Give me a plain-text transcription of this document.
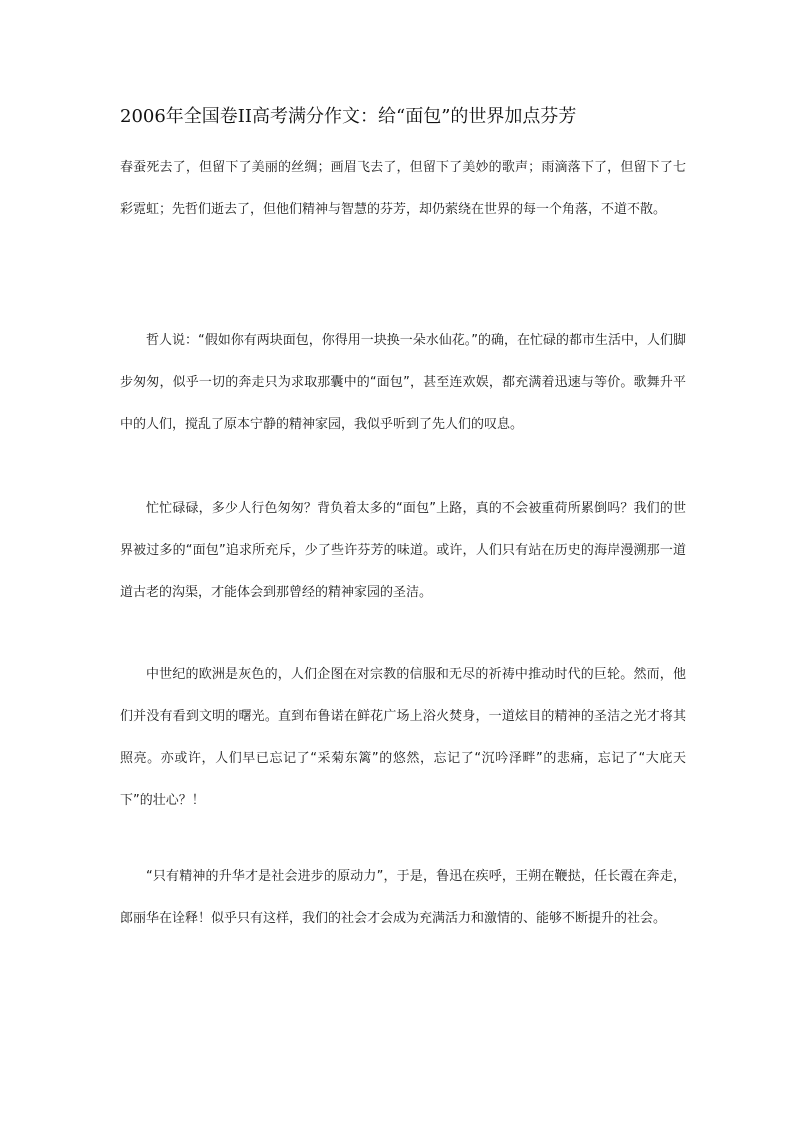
2006年全国卷II高考满分作文：给“面包”的世界加点芬芳

春蚕死去了，但留下了美丽的丝绸；画眉飞去了，但留下了美妙的歌声；雨滴落下了，但留下了七彩霓虹；先哲们逝去了，但他们精神与智慧的芬芳，却仍萦绕在世界的每一个角落，不道不散。

哲人说：“假如你有两块面包，你得用一块换一朵水仙花。”的确，在忙碌的都市生活中，人们脚步匆匆，似乎一切的奔走只为求取那囊中的“面包”，甚至连欢娱，都充满着迅速与等价。歌舞升平中的人们，搅乱了原本宁静的精神家园，我似乎听到了先人们的叹息。

忙忙碌碌，多少人行色匆匆？背负着太多的“面包”上路，真的不会被重荷所累倒吗？我们的世界被过多的“面包”追求所充斥，少了些许芬芳的味道。或许，人们只有站在历史的海岸漫溯那一道道古老的沟渠，才能体会到那曾经的精神家园的圣洁。

中世纪的欧洲是灰色的，人们企图在对宗教的信服和无尽的祈祷中推动时代的巨轮。然而，他们并没有看到文明的曙光。直到布鲁诺在鲜花广场上浴火焚身，一道炫目的精神的圣洁之光才将其照亮。亦或许，人们早已忘记了“采菊东篱”的悠然，忘记了“沉吟泽畔”的悲痛，忘记了“大庇天下”的壮心？！

“只有精神的升华才是社会进步的原动力”，于是，鲁迅在疾呼，王朔在鞭挞，任长霞在奔走，郎丽华在诠释！似乎只有这样，我们的社会才会成为充满活力和激情的、能够不断提升的社会。
